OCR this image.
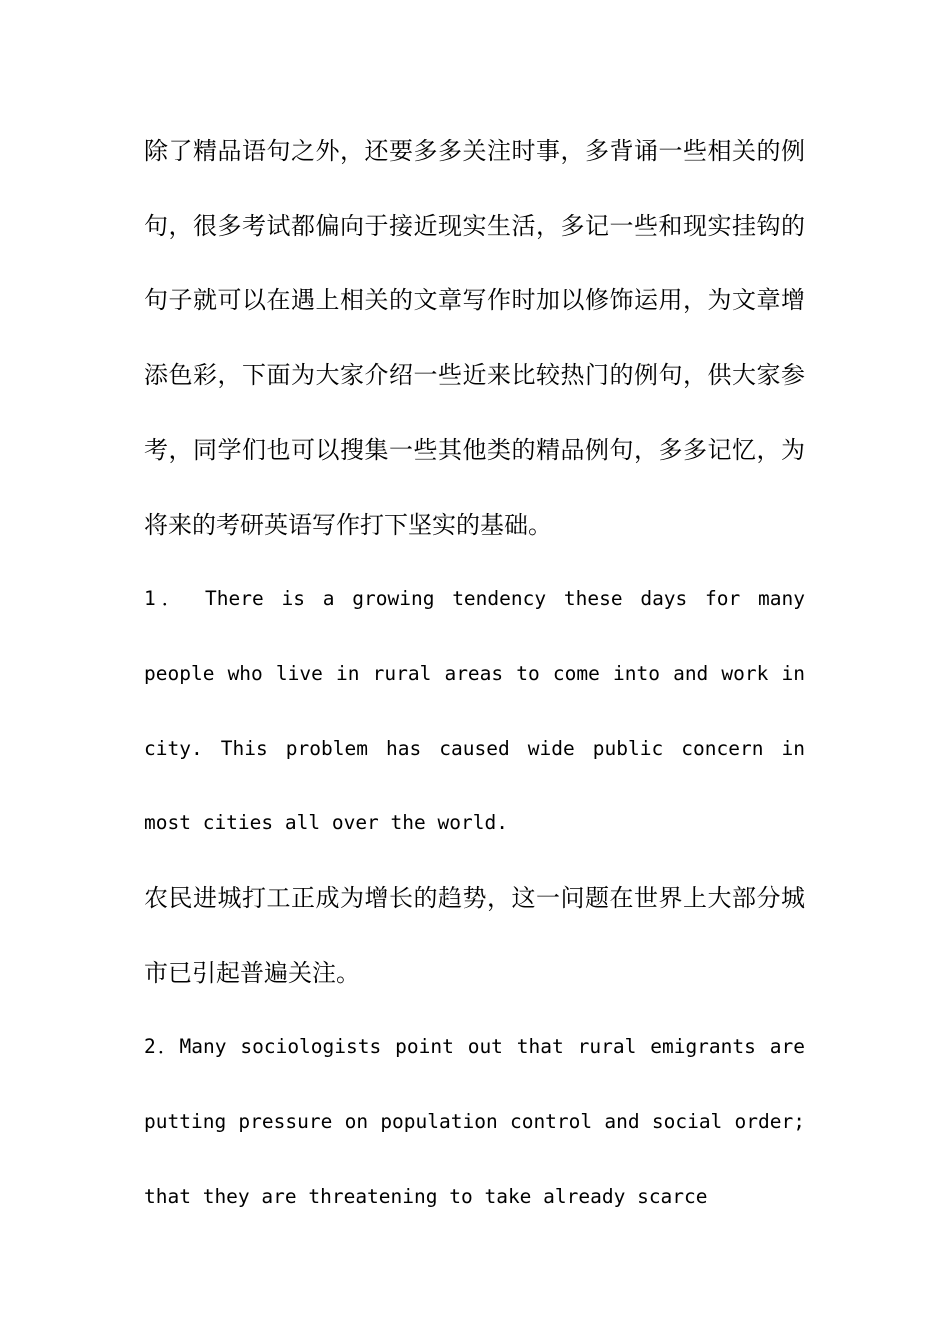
除了精品语句之外，还要多多关注时事，多背诵一些相关的例句，很多考试都偏向于接近现实生活，多记一些和现实挂钩的句子就可以在遇上相关的文章写作时加以修饰运用，为文章增添色彩，下面为大家介绍一些近来比较热门的例句，供大家参考，同学们也可以搜集一些其他类的精品例句，多多记忆，为将来的考研英语写作打下坚实的基础。

1． There is a growing tendency these days for many people who live in rural areas to come into and work in city. This problem has caused wide public concern in most cities all over the world.

农民进城打工正成为增长的趋势，这一问题在世界上大部分城市已引起普遍关注。

2．Many sociologists point out that rural emigrants are putting pressure on population control and social order; that they are threatening to take already scarce
